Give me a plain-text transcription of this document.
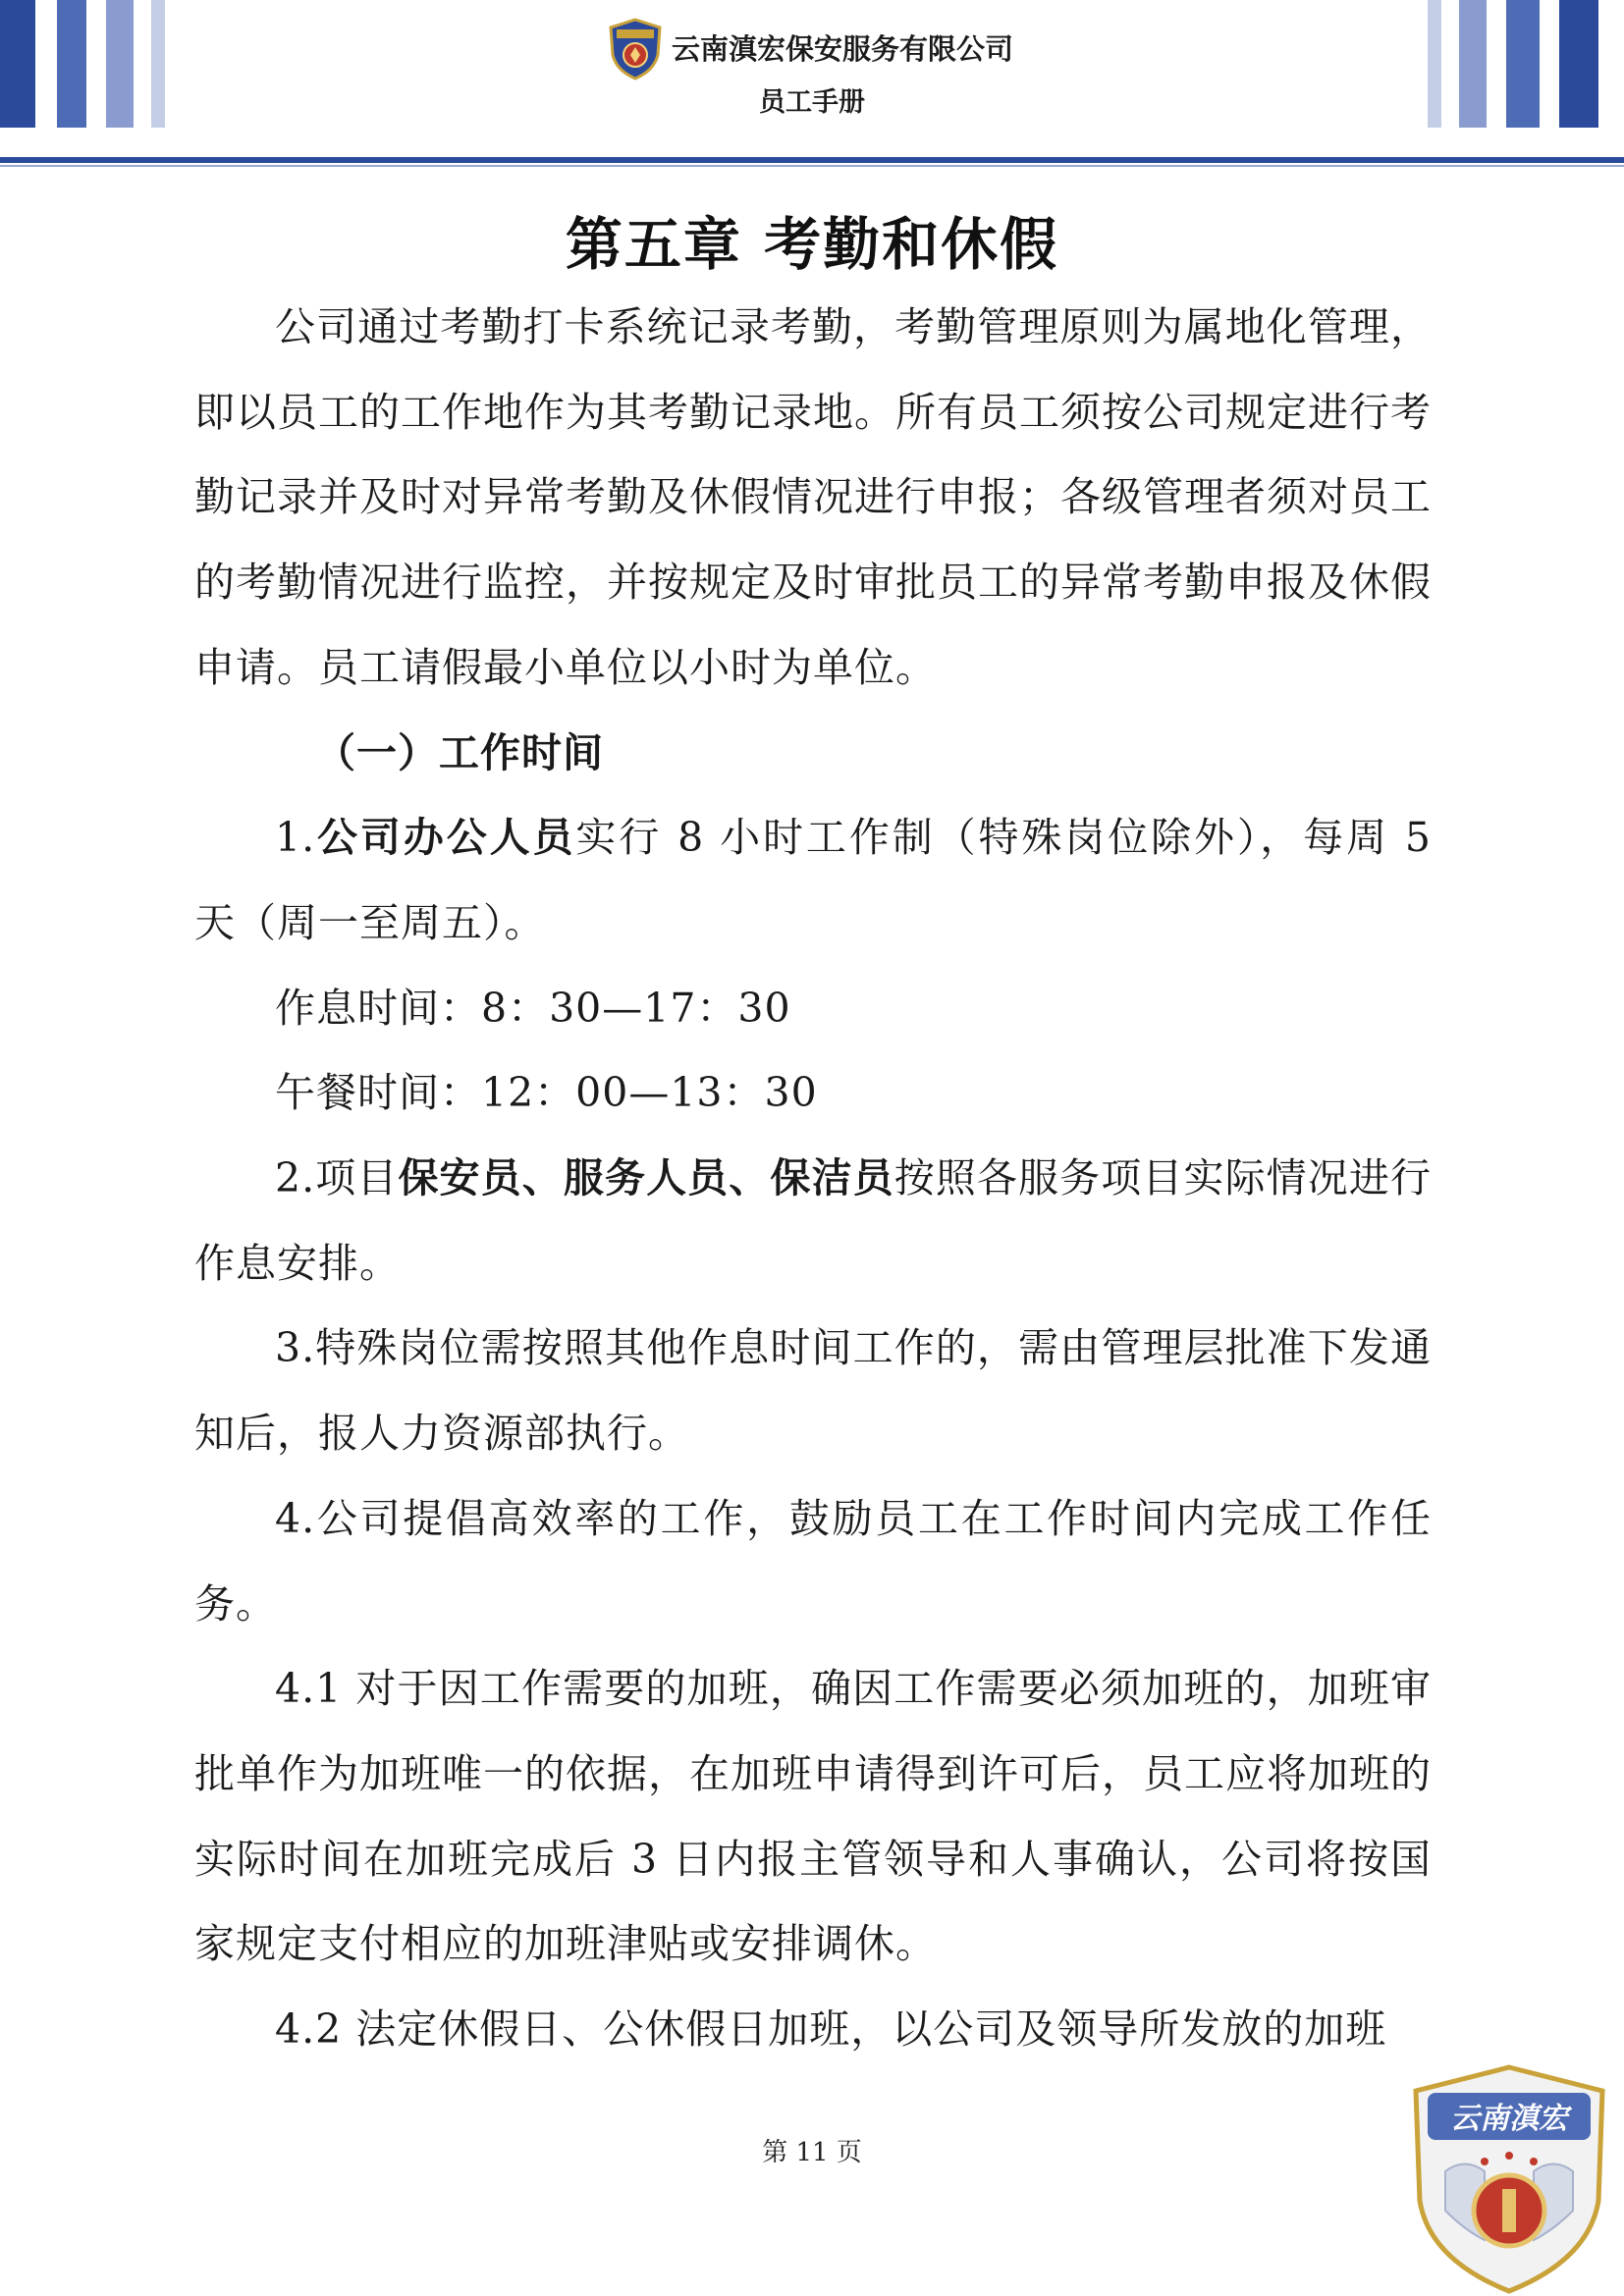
云南滇宏保安服务有限公司
员工手册
第五章 考勤和休假

公司通过考勤打卡系统记录考勤，考勤管理原则为属地化管理，即以员工的工作地作为其考勤记录地。所有员工须按公司规定进行考勤记录并及时对异常考勤及休假情况进行申报；各级管理者须对员工的考勤情况进行监控，并按规定及时审批员工的异常考勤申报及休假申请。员工请假最小单位以小时为单位。

（一）工作时间

1.公司办公人员实行 8 小时工作制（特殊岗位除外），每周 5 天（周一至周五）。

作息时间：8：30—17：30

午餐时间：12：00—13：30

2.项目保安员、服务人员、保洁员按照各服务项目实际情况进行作息安排。

3.特殊岗位需按照其他作息时间工作的，需由管理层批准下发通知后，报人力资源部执行。

4.公司提倡高效率的工作，鼓励员工在工作时间内完成工作任务。

4.1 对于因工作需要的加班，确因工作需要必须加班的，加班审批单作为加班唯一的依据，在加班申请得到许可后，员工应将加班的实际时间在加班完成后 3 日内报主管领导和人事确认，公司将按国家规定支付相应的加班津贴或安排调休。

4.2 法定休假日、公休假日加班，以公司及领导所发放的加班

第 11 页
云南滇宏
